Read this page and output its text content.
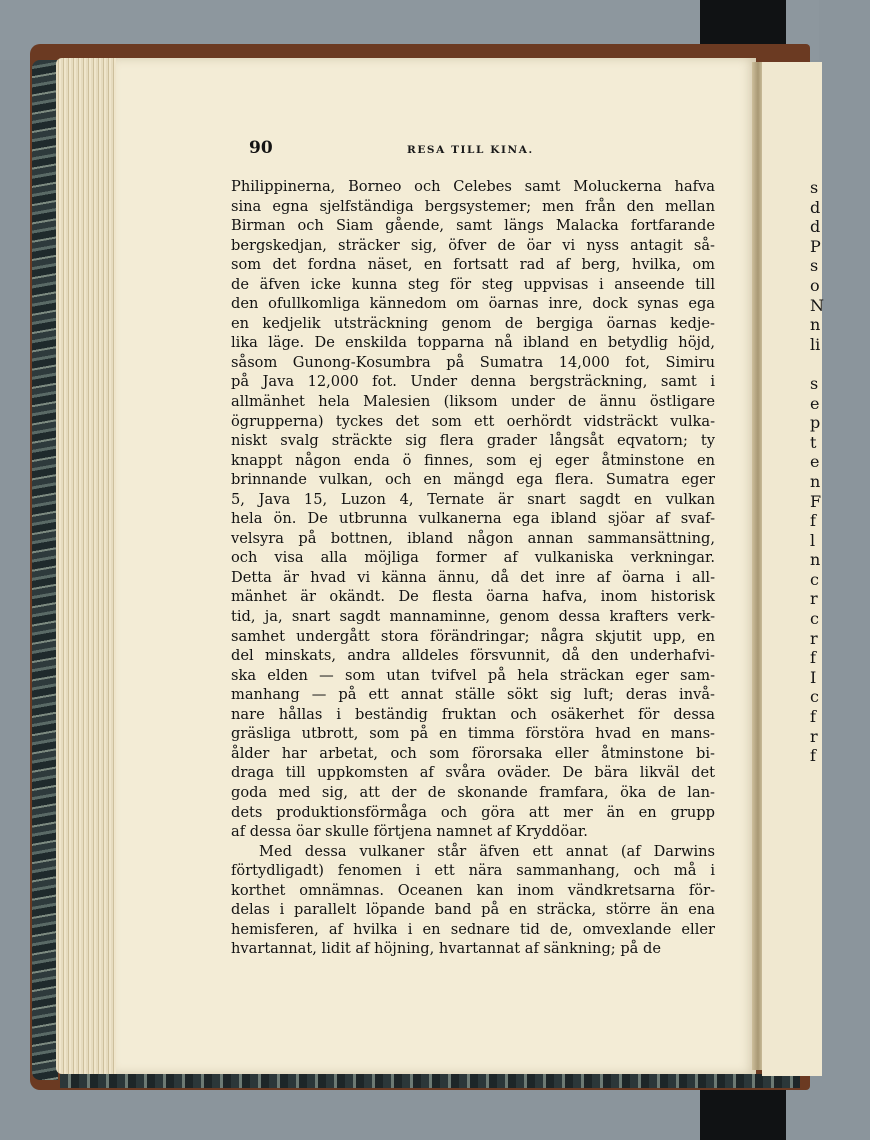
s
d
d
P
s
o
N
n
li
s
e
p
t
e
n
F
f
l
n
c
r
c
r
f
I
c
f
r
f
90	RESA TILL KINA.
Philippinerna, Borneo och Celebes samt Moluckerna hafva
sina egna sjelfständiga bergsystemer; men från den mellan
Birman och Siam gående, samt längs Malacka fortfarande
bergskedjan, sträcker sig, öfver de öar vi nyss antagit så-
som det fordna näset, en fortsatt rad af berg, hvilka, om
de äfven icke kunna steg för steg uppvisas i anseende till
den ofullkomliga kännedom om öarnas inre, dock synas ega
en kedjelik utsträckning genom de bergiga öarnas kedje-
lika läge. De enskilda topparna nå ibland en betydlig höjd,
såsom Gunong-Kosumbra på Sumatra 14,000 fot, Simiru
på Java 12,000 fot. Under denna bergsträckning, samt i
allmänhet hela Malesien (liksom under de ännu östligare
ögrupperna) tyckes det som ett oerhördt vidsträckt vulka-
niskt svalg sträckte sig flera grader långsåt eqvatorn; ty
knappt någon enda ö finnes, som ej eger åtminstone en
brinnande vulkan, och en mängd ega flera. Sumatra eger
5, Java 15, Luzon 4, Ternate är snart sagdt en vulkan
hela ön. De utbrunna vulkanerna ega ibland sjöar af svaf-
velsyra på bottnen, ibland någon annan sammansättning,
och visa alla möjliga former af vulkaniska verkningar.
Detta är hvad vi känna ännu, då det inre af öarna i all-
mänhet är okändt. De flesta öarna hafva, inom historisk
tid, ja, snart sagdt mannaminne, genom dessa krafters verk-
samhet undergått stora förändringar; några skjutit upp, en
del minskats, andra alldeles försvunnit, då den underhafvi-
ska elden — som utan tvifvel på hela sträckan eger sam-
manhang — på ett annat ställe sökt sig luft; deras invå-
nare hållas i beständig fruktan och osäkerhet för dessa
gräsliga utbrott, som på en timma förstöra hvad en mans-
ålder har arbetat, och som förorsaka eller åtminstone bi-
draga till uppkomsten af svåra oväder. De bära likväl det
goda med sig, att der de skonande framfara, öka de lan-
dets produktionsförmåga och göra att mer än en grupp
af dessa öar skulle förtjena namnet af Kryddöar.
Med dessa vulkaner står äfven ett annat (af Darwins
förtydligadt) fenomen i ett nära sammanhang, och må i
korthet omnämnas. Oceanen kan inom vändkretsarna för-
delas i parallelt löpande band på en sträcka, större än ena
hemisferen, af hvilka i en sednare tid de, omvexlande eller
hvartannat, lidit af höjning, hvartannat af sänkning; på de
